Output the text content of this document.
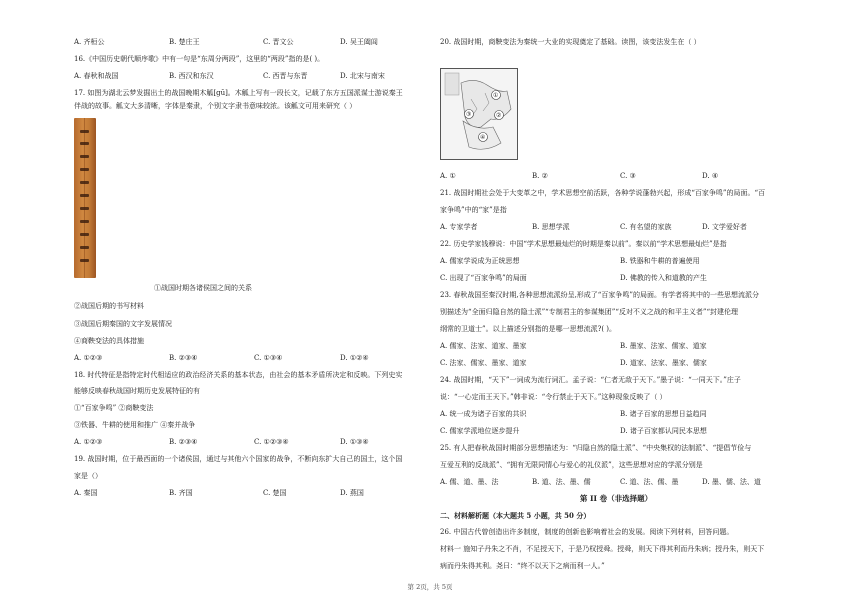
A. 齐桓公	B. 楚庄王	C. 晋文公	D. 吴王阖闾
16.《中国历史朝代顺序歌》中有一句是“东周分两段”，这里的“两段”指的是( )。
A. 春秋和战国	B. 西汉和东汉	C. 西晋与东晋	D. 北宋与南宋
17. 如图为湖北云梦发掘出土的战国晚期木觚[gū]。木觚上写有一段长文，记载了东方五国派谋士游说秦王
伴战的故事。觚文大多清晰，字体是秦隶，个别文字隶书意味较浓。该觚文可用来研究（ ）
①战国时期各诸侯国之间的关系
②战国后期的书写材料
③战国后期秦国的文字发展情况
④商鞅变法的具体措施
A. ①②③	B. ②③④	C. ①③④	D. ①②④
18. 时代特征是指特定时代相适应的政治经济关系的基本状态，由社会的基本矛盾所决定和反映。下列史实
能够反映春秋战国时期历史发展特征的有
①“百家争鸣” ②商鞅变法
③铁器、牛耕的使用和推广 ④秦并战争
A. ①②③	B. ②③④	C. ①②③④	D. ①③④
19. 战国时期，位于最西面的一个诸侯国，通过与其他六个国家的战争，不断向东扩大自己的国土，这个国
家是（）
A. 秦国	B. 齐国	C. 楚国	D. 燕国
20. 战国时期，商鞅变法为秦统一大业的实现奠定了基础。读图，该变法发生在（ ）
①
②
③
④
A. ①	B. ②	C. ③	D. ④
21. 战国时期社会处于大变革之中，学术思想空前活跃，各种学说蓬勃兴起，形成“百家争鸣”的局面。“百
家争鸣”中的“家”是指
A. 专家学者	B. 思想学派	C. 有名望的家族	D. 文学爱好者
22. 历史学家钱穆说：中国“学术思想最灿烂的时期是秦以前”。秦以前“学术思想最灿烂”是指
A. 儒家学说成为正统思想	B. 铁器和牛耕的普遍使用
C. 出现了“百家争鸣”的局面	D. 佛教的传入和道教的产生
23. 春秋战国至秦汉时期,各种思想流派纷呈,形成了“百家争鸣”的局面。有学者将其中的一些思想流派分
别描述为“全面归隐自然的隐士派”“专制君主的参谋集团”“反对不义之战的和平主义者”“封建伦理
纲常的卫道士”。以上描述分别指的是哪一思想流派?( )。
A. 儒家、法家、道家、墨家	B. 墨家、法家、儒家、道家
C. 法家、儒家、墨家、道家	D. 道家、法家、墨家、儒家
24. 战国时期，“天下”一词成为流行词汇。孟子说：“仁者无敌于天下。”墨子说：“一同天下。”庄子
说：“一心定而王天下。”韩非说：“令行禁止于天下。”这种现象反映了（ ）
A. 统一成为诸子百家的共识	B. 诸子百家的思想日益趋同
C. 儒家学派地位逐步提升	D. 诸子百家都认同民本思想
25. 有人把春秋战国时期部分思想描述为：“归隐自然的隐士派”、“中央集权的法制派”、“提倡节俭与
互爱互利的反战派”、“拥有无限同情心与爱心的礼仪派”，这些思想对应的学派分别是
A. 儒、道、墨、法	B. 道、法、墨、儒	C. 道、法、儒、墨	D. 墨、儒、法、道
第 II 卷（非选择题）
二、材料解析题（本大题共 5 小题，共 50 分）
26. 中国古代曾创造出许多制度，制度的创新也影响着社会的发展。阅读下列材料，回答问题。
材料一 施知子丹朱之不肖，不足授天下，于是乃权授舜。授舜，则天下得其利而丹朱病；授丹朱，则天下
病而丹朱得其利。尧曰：“终不以天下之病而利一人。”
第 2页，共 5页
